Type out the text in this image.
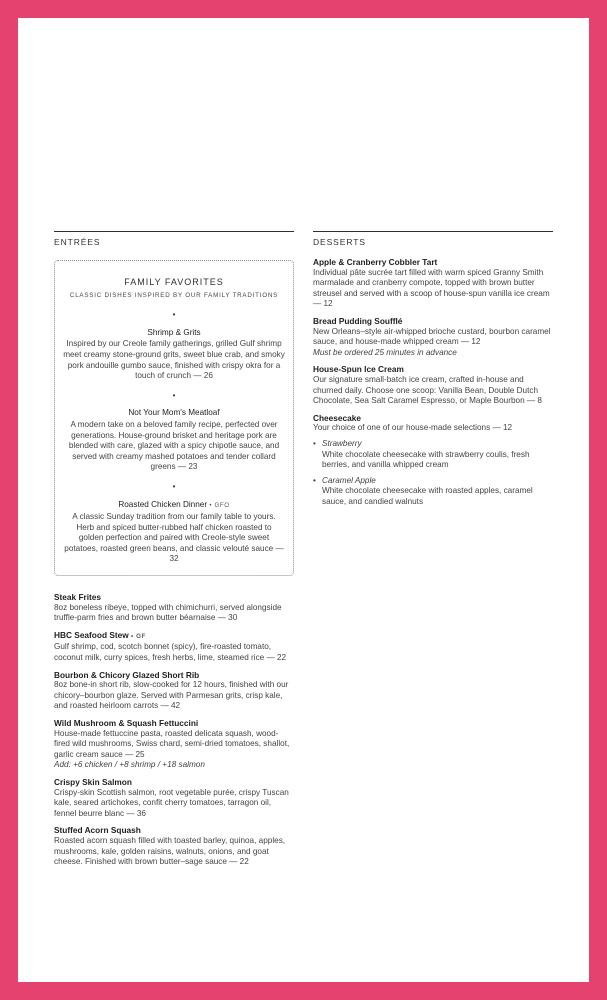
ENTRÉES
FAMILY FAVORITES
CLASSIC DISHES INSPIRED BY OUR FAMILY TRADITIONS
•
Shrimp & Grits
Inspired by our Creole family gatherings, grilled Gulf shrimp meet creamy stone-ground grits, sweet blue crab, and smoky pork andouille gumbo sauce, finished with crispy okra for a touch of crunch — 26
•
Not Your Mom's Meatloaf
A modern take on a beloved family recipe, perfected over generations. House-ground brisket and heritage pork are blended with care, glazed with a spicy chipotle sauce, and served with creamy mashed potatoes and tender collard greens — 23
•
Roasted Chicken Dinner • GFO
A classic Sunday tradition from our family table to yours. Herb and spiced butter-rubbed half chicken roasted to golden perfection and paired with Creole-style sweet potatoes, roasted green beans, and classic velouté sauce — 32
Steak Frites
8oz boneless ribeye, topped with chimichurri, served alongside truffle-parm fries and brown butter béarnaise — 30
HBC Seafood Stew • GF
Gulf shrimp, cod, scotch bonnet (spicy), fire-roasted tomato, coconut milk, curry spices, fresh herbs, lime, steamed rice — 22
Bourbon & Chicory Glazed Short Rib
8oz bone-in short rib, slow-cooked for 12 hours, finished with our chicory–bourbon glaze. Served with Parmesan grits, crisp kale, and roasted heirloom carrots — 42
Wild Mushroom & Squash Fettuccini
House-made fettuccine pasta, roasted delicata squash, wood-fired wild mushrooms, Swiss chard, semi-dried tomatoes, shallot, garlic cream sauce — 25
Add: +6 chicken / +8 shrimp / +18 salmon
Crispy Skin Salmon
Crispy-skin Scottish salmon, root vegetable purée, crispy Tuscan kale, seared artichokes, confit cherry tomatoes, tarragon oil, fennel beurre blanc — 36
Stuffed Acorn Squash
Roasted acorn squash filled with toasted barley, quinoa, apples, mushrooms, kale, golden raisins, walnuts, onions, and goat cheese. Finished with brown butter–sage sauce — 22
DESSERTS
Apple & Cranberry Cobbler Tart
Individual pâte sucrée tart filled with warm spiced Granny Smith marmalade and cranberry compote, topped with brown butter streusel and served with a scoop of house-spun vanilla ice cream — 12
Bread Pudding Soufflé
New Orleans–style air-whipped brioche custard, bourbon caramel sauce, and house-made whipped cream — 12
Must be ordered 25 minutes in advance
House-Spun Ice Cream
Our signature small-batch ice cream, crafted in-house and churned daily. Choose one scoop: Vanilla Bean, Double Dutch Chocolate, Sea Salt Caramel Espresso, or Maple Bourbon — 8
Cheesecake
Your choice of one of our house-made selections — 12
• Strawberry
White chocolate cheesecake with strawberry coulis, fresh berries, and vanilla whipped cream
• Caramel Apple
White chocolate cheesecake with roasted apples, caramel sauce, and candied walnuts
